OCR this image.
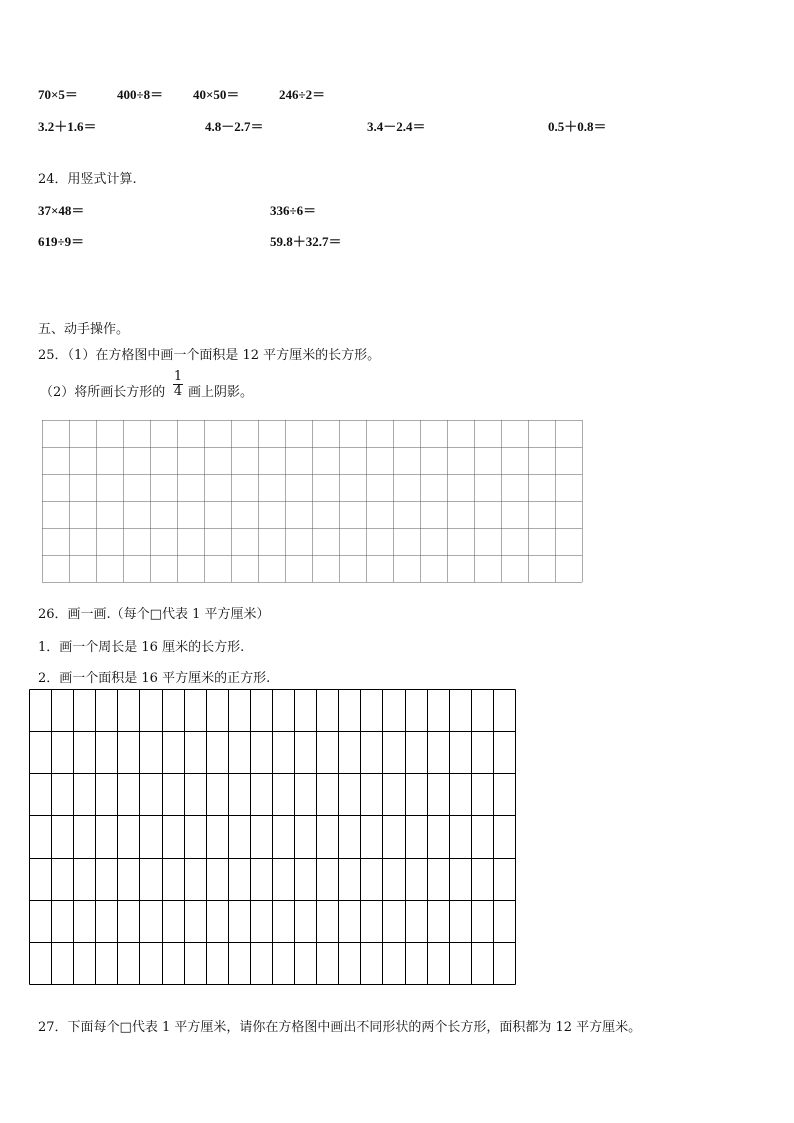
70×5＝	400÷8＝ 40×50＝	246÷2＝
3.2＋1.6＝	4.8－2.7＝	3.4－2.4＝	0.5＋0.8＝
24．用竖式计算.
37×48＝	336÷6＝
619÷9＝	59.8＋32.7＝
五、动手操作。
25．（1）在方格图中画一个面积是 12 平方厘米的长方形。
（2）将所画长方形的 $\frac{1}{4}$ 画上阴影。
26．画一画.（每个□代表 1 平方厘米）
1．画一个周长是 16 厘米的长方形.
2．画一个面积是 16 平方厘米的正方形.
27．下面每个□代表 1 平方厘米，请你在方格图中画出不同形状的两个长方形，面积都为 12 平方厘米。
